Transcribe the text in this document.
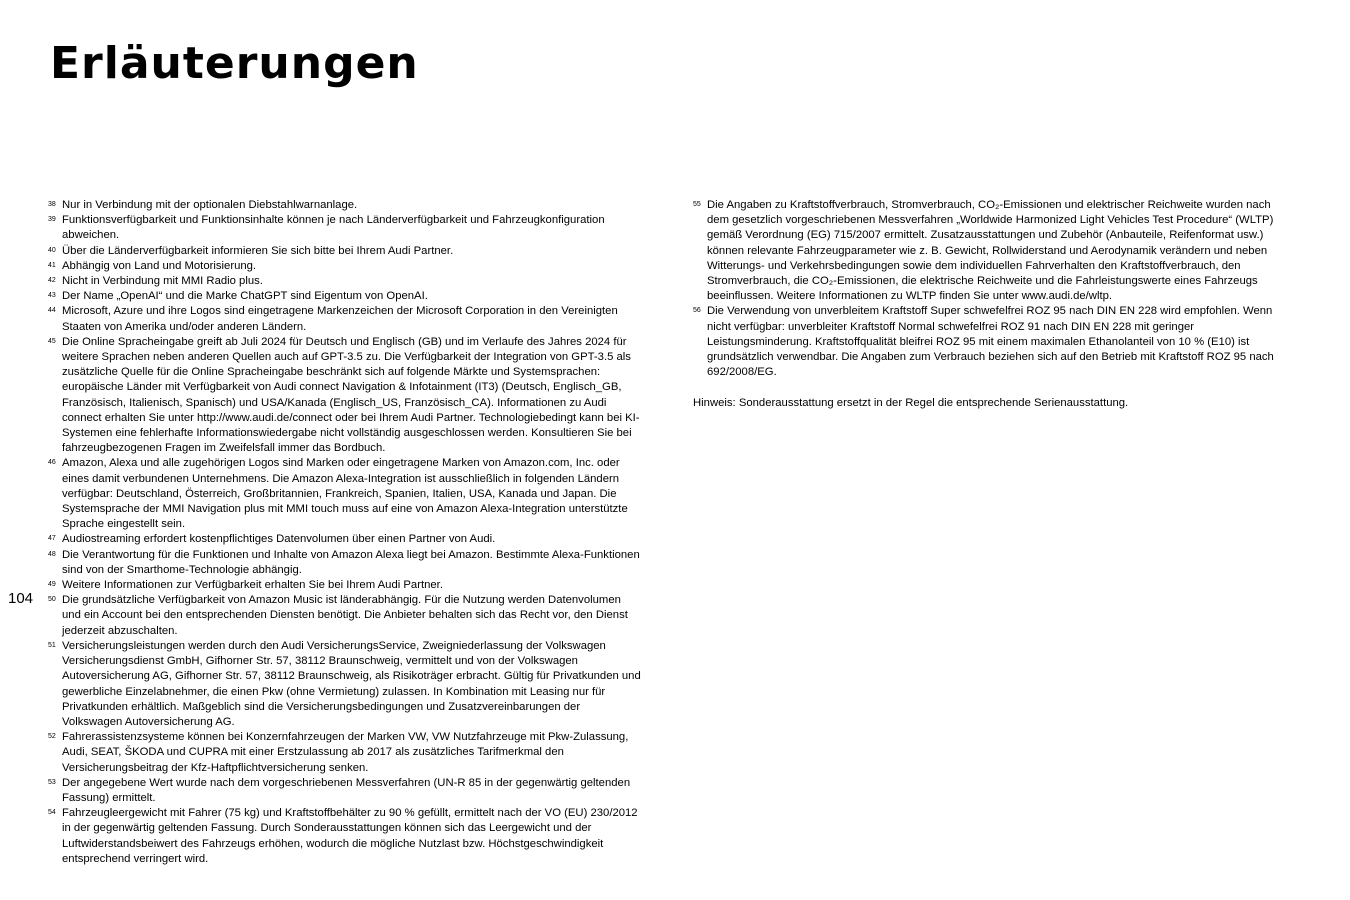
Erläuterungen
104
38 Nur in Verbindung mit der optionalen Diebstahlwarnanlage.
39 Funktionsverfügbarkeit und Funktionsinhalte können je nach Länderverfügbarkeit und Fahrzeugkonfiguration abweichen.
40 Über die Länderverfügbarkeit informieren Sie sich bitte bei Ihrem Audi Partner.
41 Abhängig von Land und Motorisierung.
42 Nicht in Verbindung mit MMI Radio plus.
43 Der Name „OpenAI“ und die Marke ChatGPT sind Eigentum von OpenAI.
44 Microsoft, Azure und ihre Logos sind eingetragene Markenzeichen der Microsoft Corporation in den Vereinigten Staaten von Amerika und/oder anderen Ländern.
45 Die Online Spracheingabe greift ab Juli 2024 für Deutsch und Englisch (GB) und im Verlaufe des Jahres 2024 für weitere Sprachen neben anderen Quellen auch auf GPT-3.5 zu. Die Verfügbarkeit der Integration von GPT-3.5 als zusätzliche Quelle für die Online Spracheingabe beschränkt sich auf folgende Märkte und Systemsprachen: europäische Länder mit Verfügbarkeit von Audi connect Navigation & Infotainment (IT3) (Deutsch, Englisch_GB, Französisch, Italienisch, Spanisch) und USA/Kanada (Englisch_US, Französisch_CA). Informationen zu Audi connect erhalten Sie unter http://www.audi.de/connect oder bei Ihrem Audi Partner. Technologiebedingt kann bei KI-Systemen eine fehlerhafte Informationswiedergabe nicht vollständig ausgeschlossen werden. Konsultieren Sie bei fahrzeugbezogenen Fragen im Zweifelsfall immer das Bordbuch.
46 Amazon, Alexa und alle zugehörigen Logos sind Marken oder eingetragene Marken von Amazon.com, Inc. oder eines damit verbundenen Unternehmens. Die Amazon Alexa-Integration ist ausschließlich in folgenden Ländern verfügbar: Deutschland, Österreich, Großbritannien, Frankreich, Spanien, Italien, USA, Kanada und Japan. Die Systemsprache der MMI Navigation plus mit MMI touch muss auf eine von Amazon Alexa-Integration unterstützte Sprache eingestellt sein.
47 Audiostreaming erfordert kostenpflichtiges Datenvolumen über einen Partner von Audi.
48 Die Verantwortung für die Funktionen und Inhalte von Amazon Alexa liegt bei Amazon. Bestimmte Alexa-Funktionen sind von der Smarthome-Technologie abhängig.
49 Weitere Informationen zur Verfügbarkeit erhalten Sie bei Ihrem Audi Partner.
50 Die grundsätzliche Verfügbarkeit von Amazon Music ist länderabhängig. Für die Nutzung werden Datenvolumen und ein Account bei den entsprechenden Diensten benötigt. Die Anbieter behalten sich das Recht vor, den Dienst jederzeit abzuschalten.
51 Versicherungsleistungen werden durch den Audi VersicherungsService, Zweigniederlassung der Volkswagen Versicherungsdienst GmbH, Gifhorner Str. 57, 38112 Braunschweig, vermittelt und von der Volkswagen Autoversicherung AG, Gifhorner Str. 57, 38112 Braunschweig, als Risikoträger erbracht. Gültig für Privatkunden und gewerbliche Einzelabnehmer, die einen Pkw (ohne Vermietung) zulassen. In Kombination mit Leasing nur für Privatkunden erhältlich. Maßgeblich sind die Versicherungsbedingungen und Zusatzvereinbarungen der Volkswagen Autoversicherung AG.
52 Fahrerassistenzsysteme können bei Konzernfahrzeugen der Marken VW, VW Nutzfahrzeuge mit Pkw-Zulassung, Audi, SEAT, ŠKODA und CUPRA mit einer Erstzulassung ab 2017 als zusätzliches Tarifmerkmal den Versicherungsbeitrag der Kfz-Haftpflichtversicherung senken.
53 Der angegebene Wert wurde nach dem vorgeschriebenen Messverfahren (UN-R 85 in der gegenwärtig geltenden Fassung) ermittelt.
54 Fahrzeugleergewicht mit Fahrer (75 kg) und Kraftstoffbehälter zu 90 % gefüllt, ermittelt nach der VO (EU) 230/2012 in der gegenwärtig geltenden Fassung. Durch Sonderausstattungen können sich das Leergewicht und der Luftwiderstandsbeiwert des Fahrzeugs erhöhen, wodurch die mögliche Nutzlast bzw. Höchstgeschwindigkeit entsprechend verringert wird.
55 Die Angaben zu Kraftstoffverbrauch, Stromverbrauch, CO₂-Emissionen und elektrischer Reichweite wurden nach dem gesetzlich vorgeschriebenen Messverfahren „Worldwide Harmonized Light Vehicles Test Procedure“ (WLTP) gemäß Verordnung (EG) 715/2007 ermittelt. Zusatzausstattungen und Zubehör (Anbauteile, Reifenformat usw.) können relevante Fahrzeugparameter wie z. B. Gewicht, Rollwiderstand und Aerodynamik verändern und neben Witterungs- und Verkehrsbedingungen sowie dem individuellen Fahrverhalten den Kraftstoffverbrauch, den Stromverbrauch, die CO₂-Emissionen, die elektrische Reichweite und die Fahrleistungswerte eines Fahrzeugs beeinflussen. Weitere Informationen zu WLTP finden Sie unter www.audi.de/wltp.
56 Die Verwendung von unverbleitem Kraftstoff Super schwefelfrei ROZ 95 nach DIN EN 228 wird empfohlen. Wenn nicht verfügbar: unverbleiter Kraftstoff Normal schwefelfrei ROZ 91 nach DIN EN 228 mit geringer Leistungsminderung. Kraftstoffqualität bleifrei ROZ 95 mit einem maximalen Ethanolanteil von 10 % (E10) ist grundsätzlich verwendbar. Die Angaben zum Verbrauch beziehen sich auf den Betrieb mit Kraftstoff ROZ 95 nach 692/2008/EG.
Hinweis: Sonderausstattung ersetzt in der Regel die entsprechende Serienausstattung.
